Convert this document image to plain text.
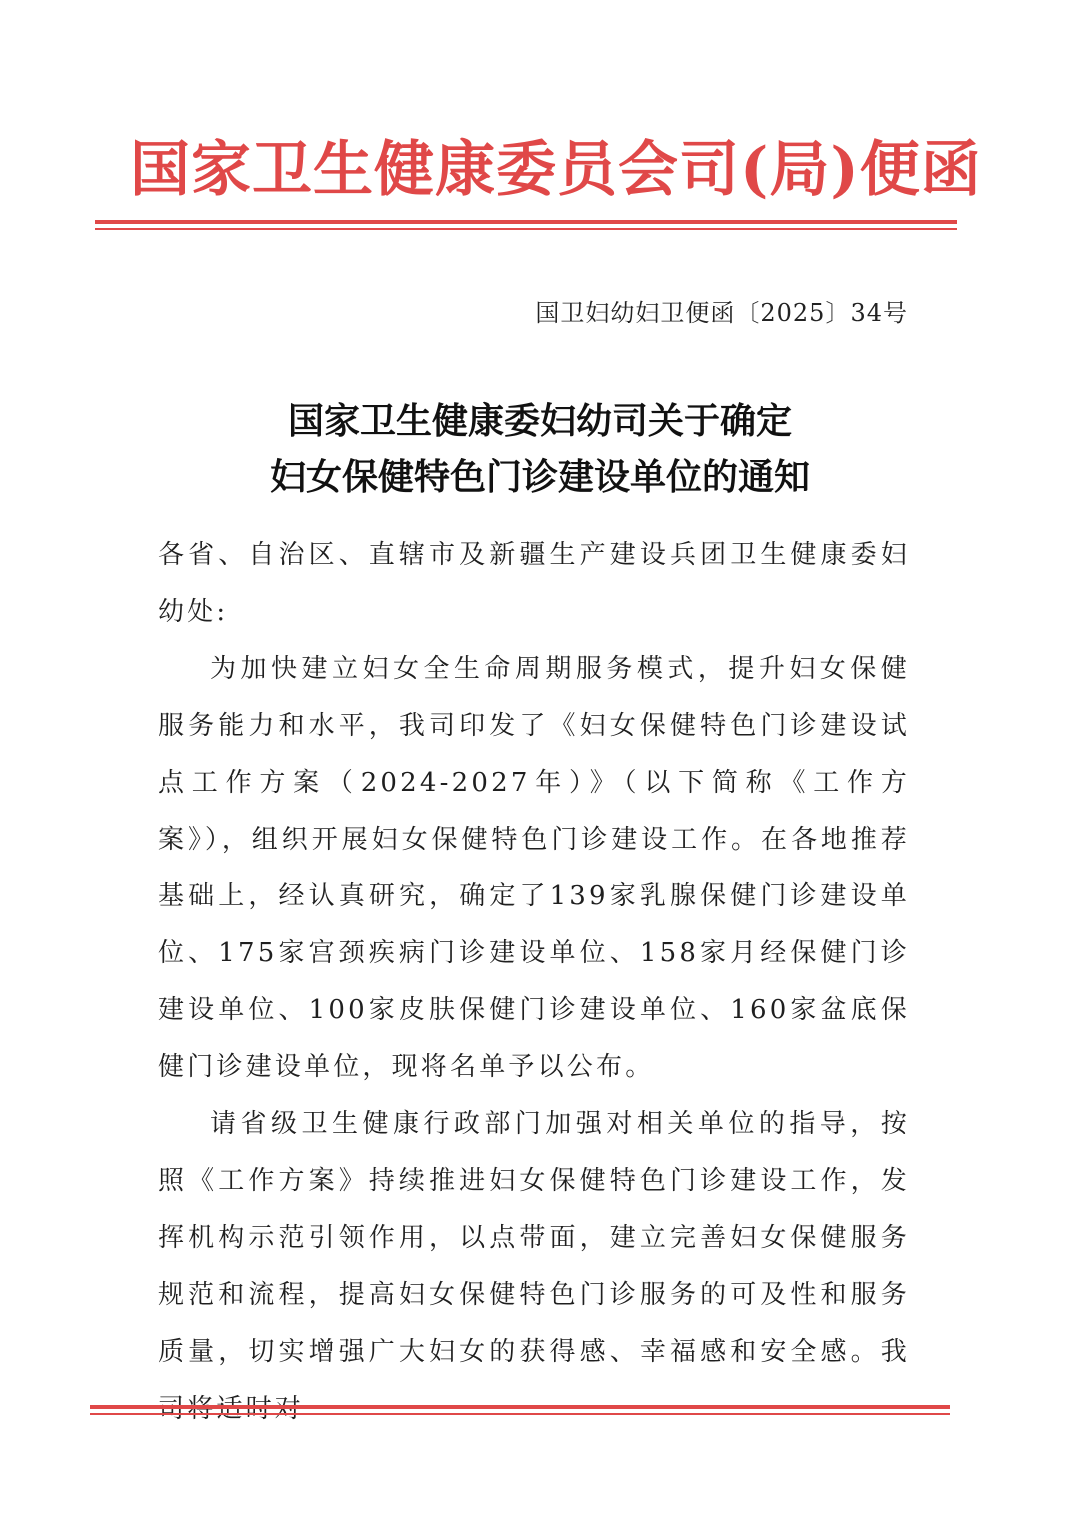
国家卫生健康委员会司(局)便函
国卫妇幼妇卫便函〔2025〕34号
国家卫生健康委妇幼司关于确定
妇女保健特色门诊建设单位的通知

各省、自治区、直辖市及新疆生产建设兵团卫生健康委妇幼处:

为加快建立妇女全生命周期服务模式，提升妇女保健服务能力和水平，我司印发了《妇女保健特色门诊建设试点工作方案（2024-2027年）》（以下简称《工作方案》），组织开展妇女保健特色门诊建设工作。在各地推荐基础上，经认真研究，确定了139家乳腺保健门诊建设单位、175家宫颈疾病门诊建设单位、158家月经保健门诊建设单位、100家皮肤保健门诊建设单位、160家盆底保健门诊建设单位，现将名单予以公布。

请省级卫生健康行政部门加强对相关单位的指导，按照《工作方案》持续推进妇女保健特色门诊建设工作，发挥机构示范引领作用，以点带面，建立完善妇女保健服务规范和流程，提高妇女保健特色门诊服务的可及性和服务质量，切实增强广大妇女的获得感、幸福感和安全感。我
